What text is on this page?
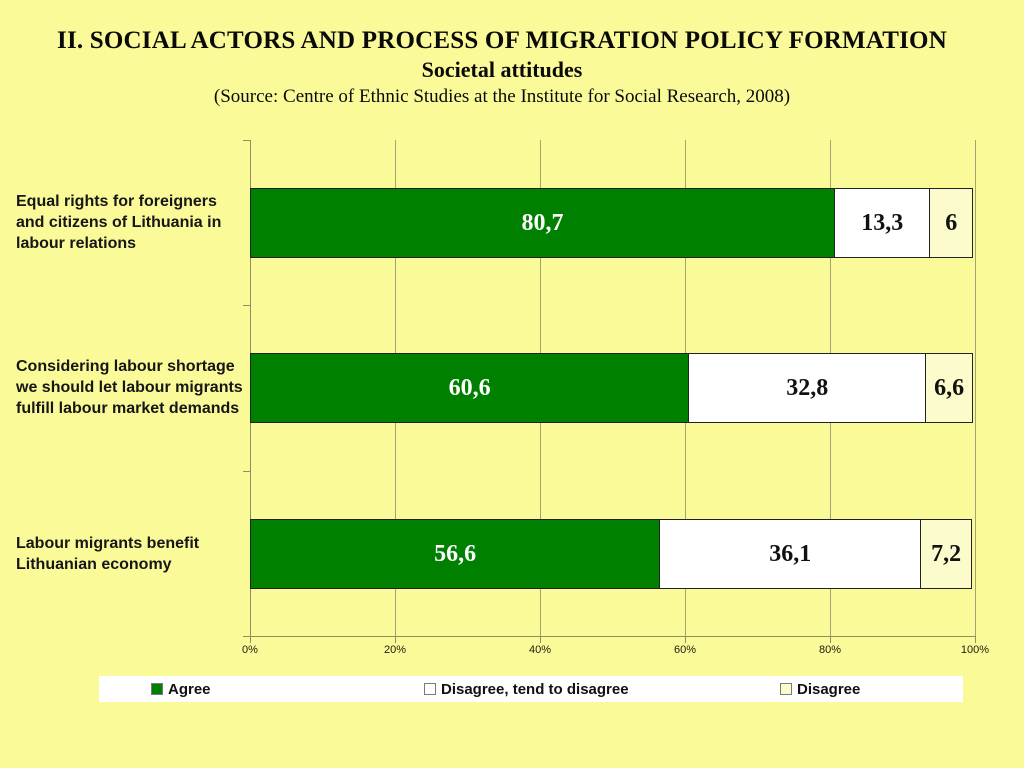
II. SOCIAL ACTORS AND PROCESS OF MIGRATION POLICY FORMATION
Societal attitudes
(Source: Centre of Ethnic Studies at the Institute for Social Research, 2008)
Equal rights for foreigners and citizens of Lithuania in labour relations
Considering labour shortage we should let labour migrants fulfill labour market demands
Labour migrants benefit Lithuanian economy
80,7	13,3 6
60,6	32,8	6,6
56,6	36,1	7,2
0%	20%	40%	60%	80%	100%
Agree	Disagree, tend to disagree	Disagree
